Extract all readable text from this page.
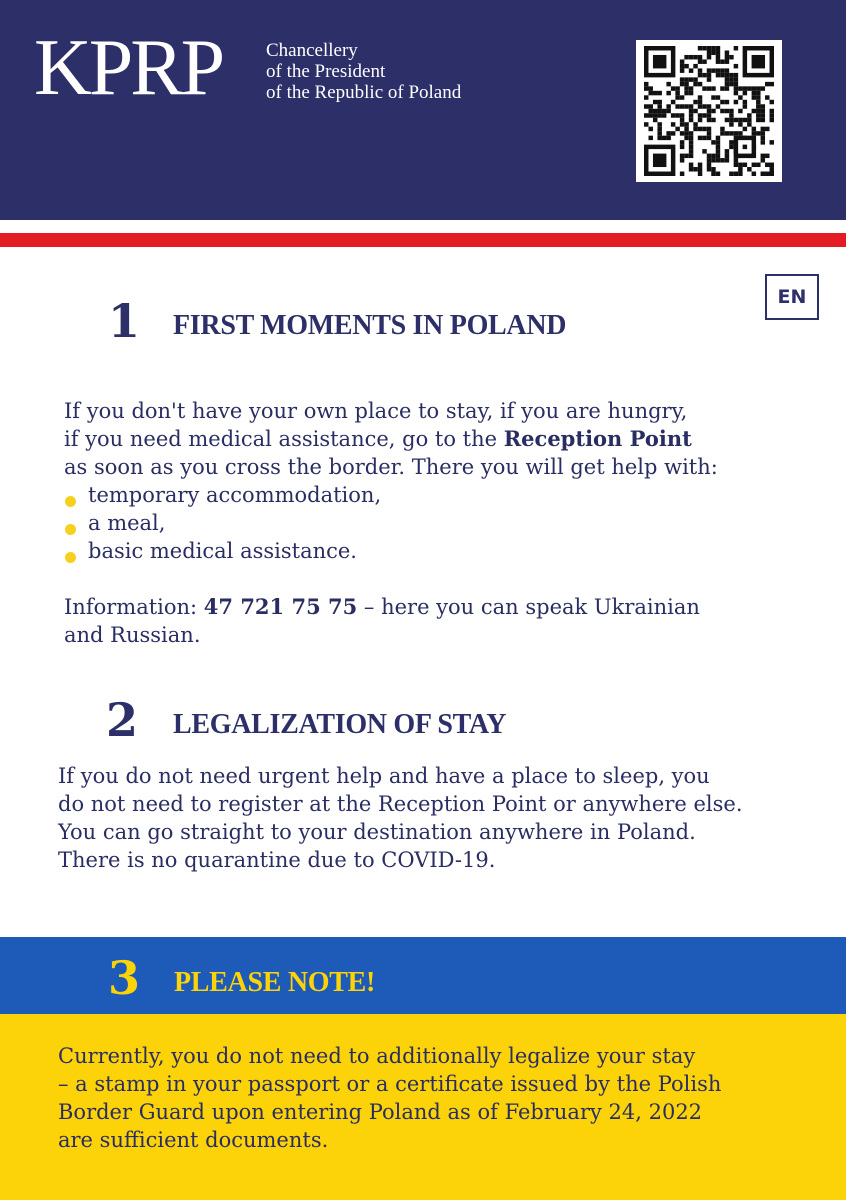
KPRP Chancellery
of the President
of the Republic of Poland
EN
1 FIRST MOMENTS IN POLAND
If you don't have your own place to stay, if you are hungry,
if you need medical assistance, go to the Reception Point
as soon as you cross the border. There you will get help with:
temporary accommodation,
a meal,
basic medical assistance.
Information: 47 721 75 75 – here you can speak Ukrainian
and Russian.
2 LEGALIZATION OF STAY
If you do not need urgent help and have a place to sleep, you
do not need to register at the Reception Point or anywhere else.
You can go straight to your destination anywhere in Poland.
There is no quarantine due to COVID-19.
3 PLEASE NOTE!
Currently, you do not need to additionally legalize your stay
– a stamp in your passport or a certificate issued by the Polish
Border Guard upon entering Poland as of February 24, 2022
are sufficient documents.
